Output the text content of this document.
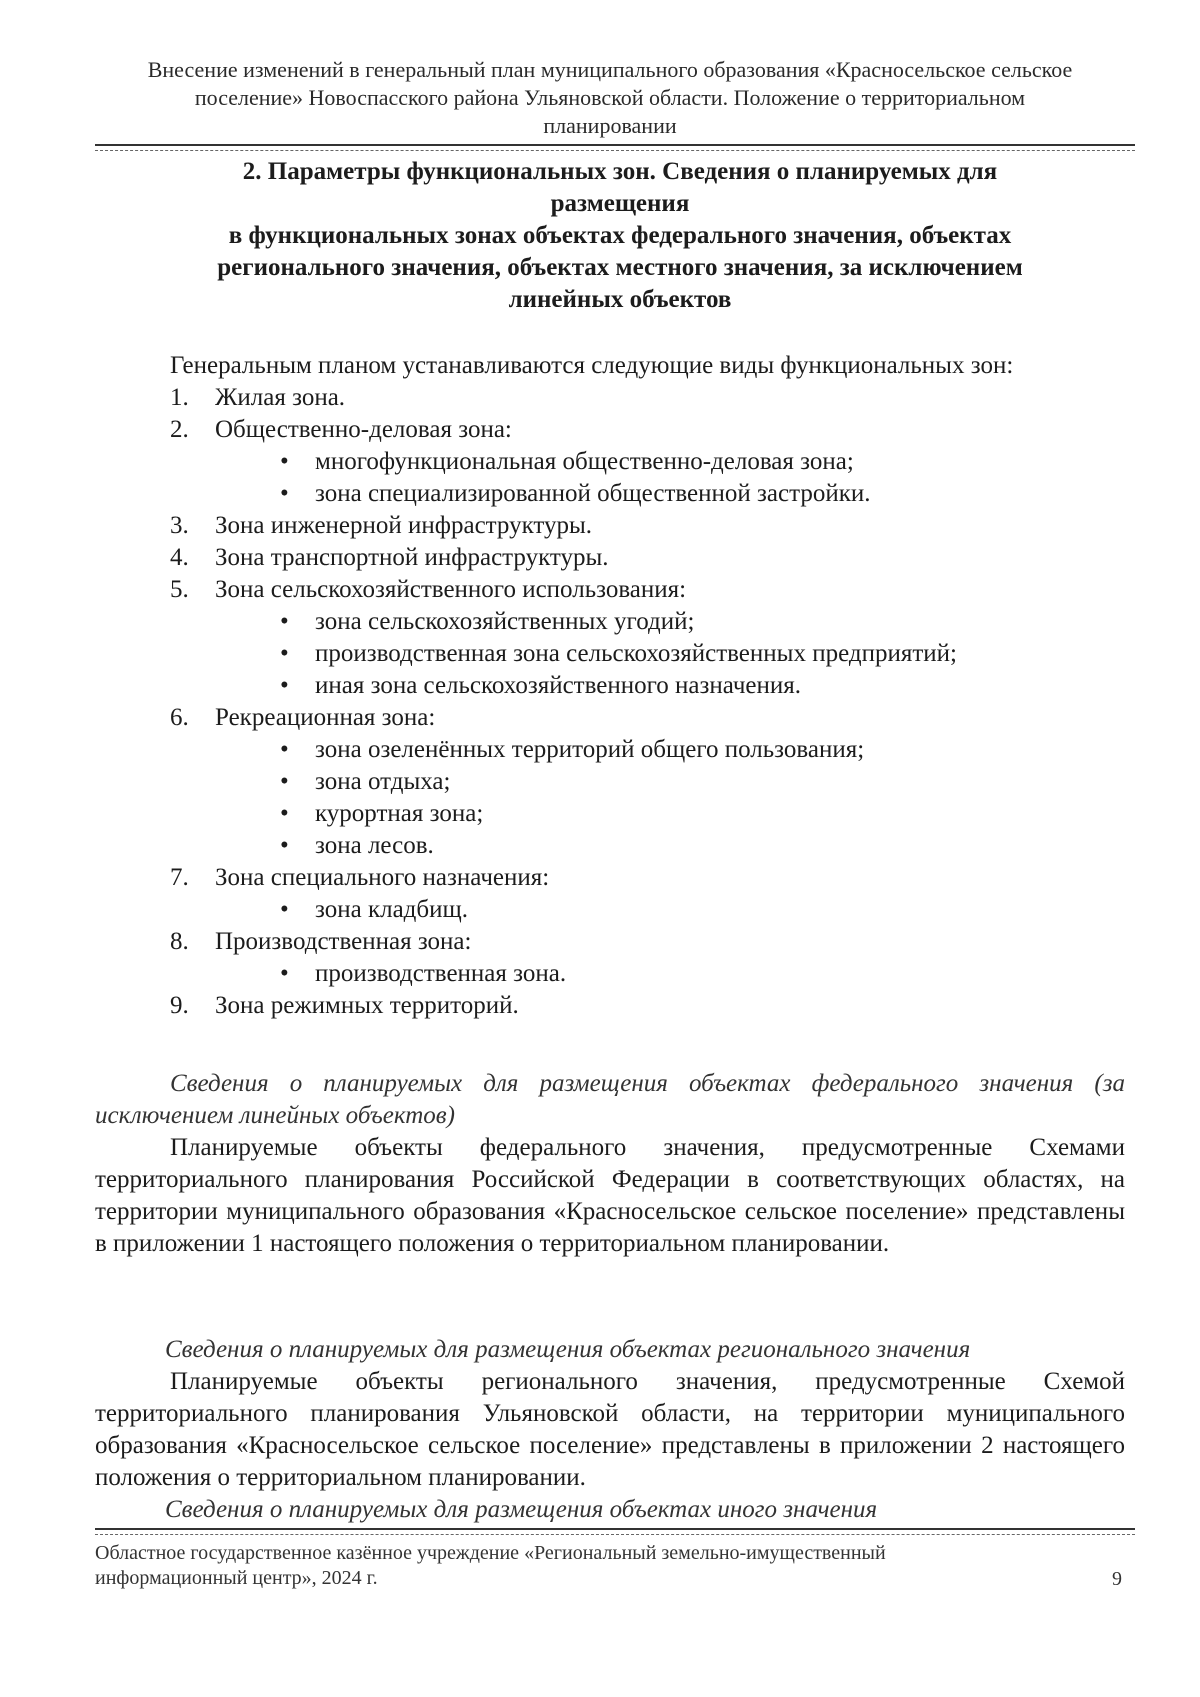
Внесение изменений в генеральный план муниципального образования «Красносельское сельское
поселение» Новоспасского района Ульяновской области. Положение о территориальном
планировании
2. Параметры функциональных зон. Сведения о планируемых для
размещения
в функциональных зонах объектах федерального значения, объектах
регионального значения, объектах местного значения, за исключением
линейных объектов

Генеральным планом устанавливаются следующие виды функциональных зон:

1. Жилая зона.
2. Общественно-деловая зона:
• многофункциональная общественно-деловая зона;
• зона специализированной общественной застройки.
3. Зона инженерной инфраструктуры.
4. Зона транспортной инфраструктуры.
5. Зона сельскохозяйственного использования:
• зона сельскохозяйственных угодий;
• производственная зона сельскохозяйственных предприятий;
• иная зона сельскохозяйственного назначения.
6. Рекреационная зона:
• зона озеленённых территорий общего пользования;
• зона отдыха;
• курортная зона;
• зона лесов.
7. Зона специального назначения:
• зона кладбищ.
8. Производственная зона:
• производственная зона.
9. Зона режимных территорий.

Сведения о планируемых для размещения объектах федерального значения (за исключением линейных объектов)

Планируемые объекты федерального значения, предусмотренные Схемами территориального планирования Российской Федерации в соответствующих областях, на территории муниципального образования «Красносельское сельское поселение» представлены в приложении 1 настоящего положения о территориальном планировании.

Сведения о планируемых для размещения объектах регионального значения

Планируемые объекты регионального значения, предусмотренные Схемой территориального планирования Ульяновской области, на территории муниципального образования «Красносельское сельское поселение» представлены в приложении 2 настоящего положения о территориальном планировании.

Сведения о планируемых для размещения объектах иного значения

Областное государственное казённое учреждение «Региональный земельно-имущественный
информационный центр», 2024 г.	9
